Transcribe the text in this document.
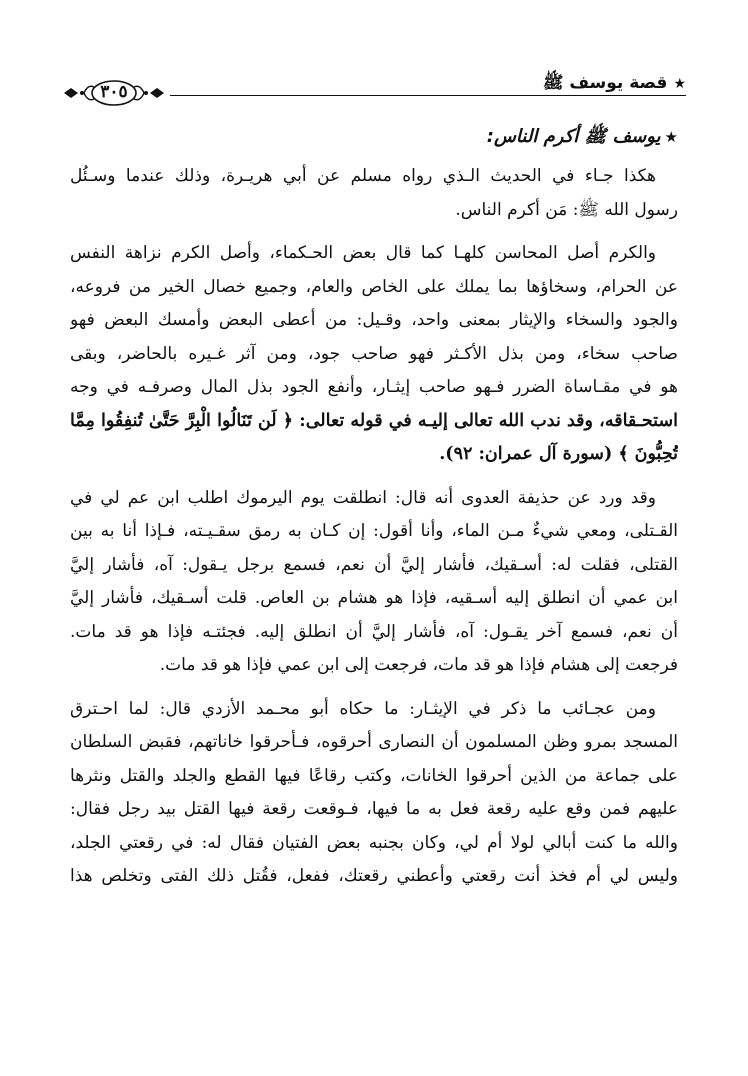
★قصة يوسف ﷺ
٣٠٥
★يوسف ﷺ أكرم الناس:
هكذا جـاء في الحديث الـذي رواه مسلم عن أبي هريـرة، وذلك عندما وسـئُل
رسول الله ﷺ: مَن أكرم الناس.
والكرم أصل المحاسن كلهـا كما قال بعض الحـكماء، وأصل الكرم نزاهة النفس
عن الحرام، وسخاؤها بما يملك على الخاص والعام، وجميع خصال الخير من فروعه،
والجود والسخاء والإيثار بمعنى واحد، وقـيل: من أعطى البعض وأمسك البعض فهو
صاحب سخاء، ومن بذل الأكـثر فهو صاحب جود، ومن آثر غـيره بالحاضر، وبقى
هو في مقـاساة الضرر فـهو صاحب إيثـار، وأنفع الجود بذل المال وصرفـه في وجه
استحـقاقه، وقد ندب الله تعالى إليـه في قوله تعالى: ﴿ لَن تَنَالُوا الْبِرَّ حَتَّىٰ تُنفِقُوا مِمَّا
تُحِبُّونَ ﴾ (سورة آل عمران: ٩٢).
وقد ورد عن حذيفة العدوى أنه قال: انطلقت يوم اليرموك اطلب ابن عم لي في
القـتلى، ومعي شيءٌ مـن الماء، وأنا أقول: إن كـان به رمق سقـيـته، فـإذا أنا به بين
القتلى، فقلت له: أسـقيك، فأشار إليَّ أن نعم، فسمع برجل يـقول: آه، فأشار إليَّ
ابن عمي أن انطلق إليه أسـقيه، فإذا هو هشام بن العاص. قلت أسـقيك، فأشار إليَّ
أن نعم، فسمع آخر يقـول: آه، فأشار إليَّ أن انطلق إليه. فجئتـه فإذا هو قد مات.
فرجعت إلى هشام فإذا هو قد مات، فرجعت إلى ابن عمي فإذا هو قد مات.
ومن عجـائب ما ذكر في الإيثـار: ما حكاه أبو محـمد الأزدي قال: لما احـترق
المسجد بمرو وظن المسلمون أن النصارى أحرقوه، فـأحرقوا خاناتهم، فقبض السلطان
على جماعة من الذين أحرقوا الخانات، وكتب رقاعًا فيها القطع والجلد والقتل ونثرها
عليهم فمن وقع عليه رقعة فعل به ما فيها، فـوقعت رقعة فيها القتل بيد رجل فقال:
والله ما كنت أبالي لولا أم لي، وكان بجنبه بعض الفتيان فقال له: في رقعتي الجلد،
وليس لي أم فخذ أنت رقعتي وأعطني رقعتك، ففعل، فقُتل ذلك الفتى وتخلص هذا
